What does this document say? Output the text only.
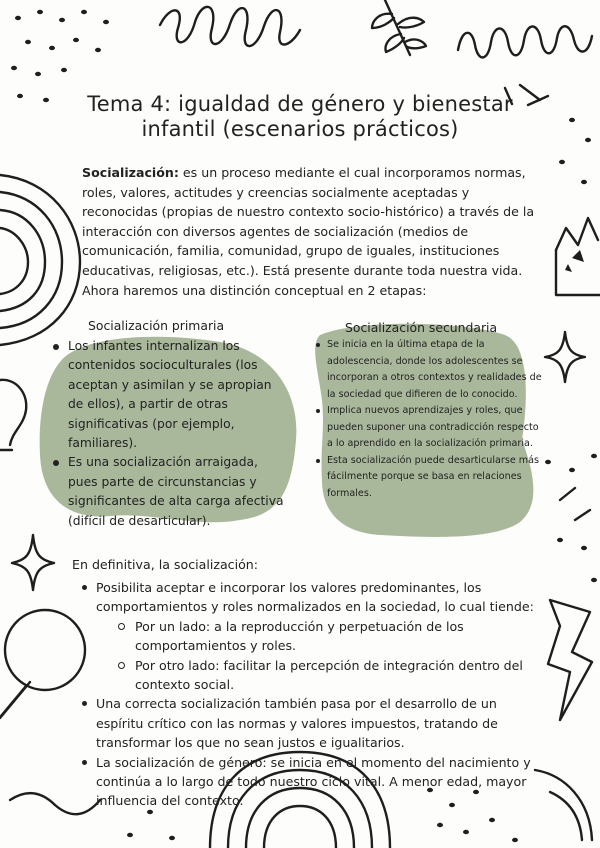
Tema 4: igualdad de género y bienestar
infantil (escenarios prácticos)
Socialización: es un proceso mediante el cual incorporamos normas, roles, valores, actitudes y creencias socialmente aceptadas y reconocidas (propias de nuestro contexto socio-histórico) a través de la interacción con diversos agentes de socialización (medios de comunicación, familia, comunidad, grupo de iguales, instituciones educativas, religiosas, etc.). Está presente durante toda nuestra vida. Ahora haremos una distinción conceptual en 2 etapas:
Socialización primaria
Los infantes internalizan los contenidos socioculturales (los aceptan y asimilan y se apropian de ellos), a partir de otras significativas (por ejemplo, familiares).
Es una socialización arraigada, pues parte de circunstancias y significantes de alta carga afectiva (difícil de desarticular).
Socialización secundaria
Se inicia en la última etapa de la adolescencia, donde los adolescentes se incorporan a otros contextos y realidades de la sociedad que difieren de lo conocido.
Implica nuevos aprendizajes y roles, que pueden suponer una contradicción respecto a lo aprendido en la socialización primaria.
Esta socialización puede desarticularse más fácilmente porque se basa en relaciones formales.
En definitiva, la socialización:
Posibilita aceptar e incorporar los valores predominantes, los comportamientos y roles normalizados en la sociedad, lo cual tiende:
Por un lado: a la reproducción y perpetuación de los comportamientos y roles.
Por otro lado: facilitar la percepción de integración dentro del contexto social.
Una correcta socialización también pasa por el desarrollo de un espíritu crítico con las normas y valores impuestos, tratando de transformar los que no sean justos e igualitarios.
La socialización de género: se inicia en el momento del nacimiento y continúa a lo largo de todo nuestro ciclo vital. A menor edad, mayor influencia del contexto.
